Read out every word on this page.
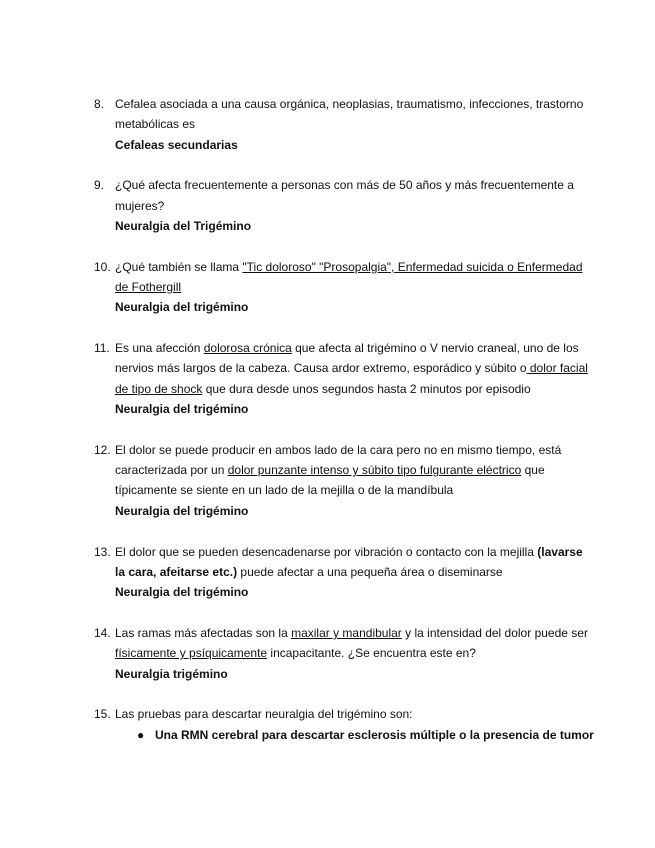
8. Cefalea asociada a una causa orgánica, neoplasias, traumatismo, infecciones, trastorno metabólicas es
Cefaleas secundarias
9. ¿Qué afecta frecuentemente a personas con más de 50 años y más frecuentemente a mujeres?
Neuralgia del Trigémino
10. ¿Qué también se llama "Tic doloroso" "Prosopalgia", Enfermedad suicida o Enfermedad de Fothergill
Neuralgia del trigémino
11. Es una afección dolorosa crónica que afecta al trigémino o V nervio craneal, uno de los nervios más largos de la cabeza. Causa ardor extremo, esporádico y súbito o dolor facial de tipo de shock que dura desde unos segundos hasta 2 minutos por episodio
Neuralgia del trigémino
12. El dolor se puede producir en ambos lado de la cara pero no en mismo tiempo, está caracterizada por un dolor punzante intenso y súbito tipo fulgurante eléctrico que típicamente se siente en un lado de la mejilla o de la mandíbula
Neuralgia del trigémino
13. El dolor que se pueden desencadenarse por vibración o contacto con la mejilla (lavarse la cara, afeitarse etc.) puede afectar a una pequeña área o diseminarse
Neuralgia del trigémino
14. Las ramas más afectadas son la maxilar y mandibular y la intensidad del dolor puede ser físicamente y psíquicamente incapacitante. ¿Se encuentra este en?
Neuralgia trigémino
15. Las pruebas para descartar neuralgia del trigémino son:
● Una RMN cerebral para descartar esclerosis múltiple o la presencia de tumor
